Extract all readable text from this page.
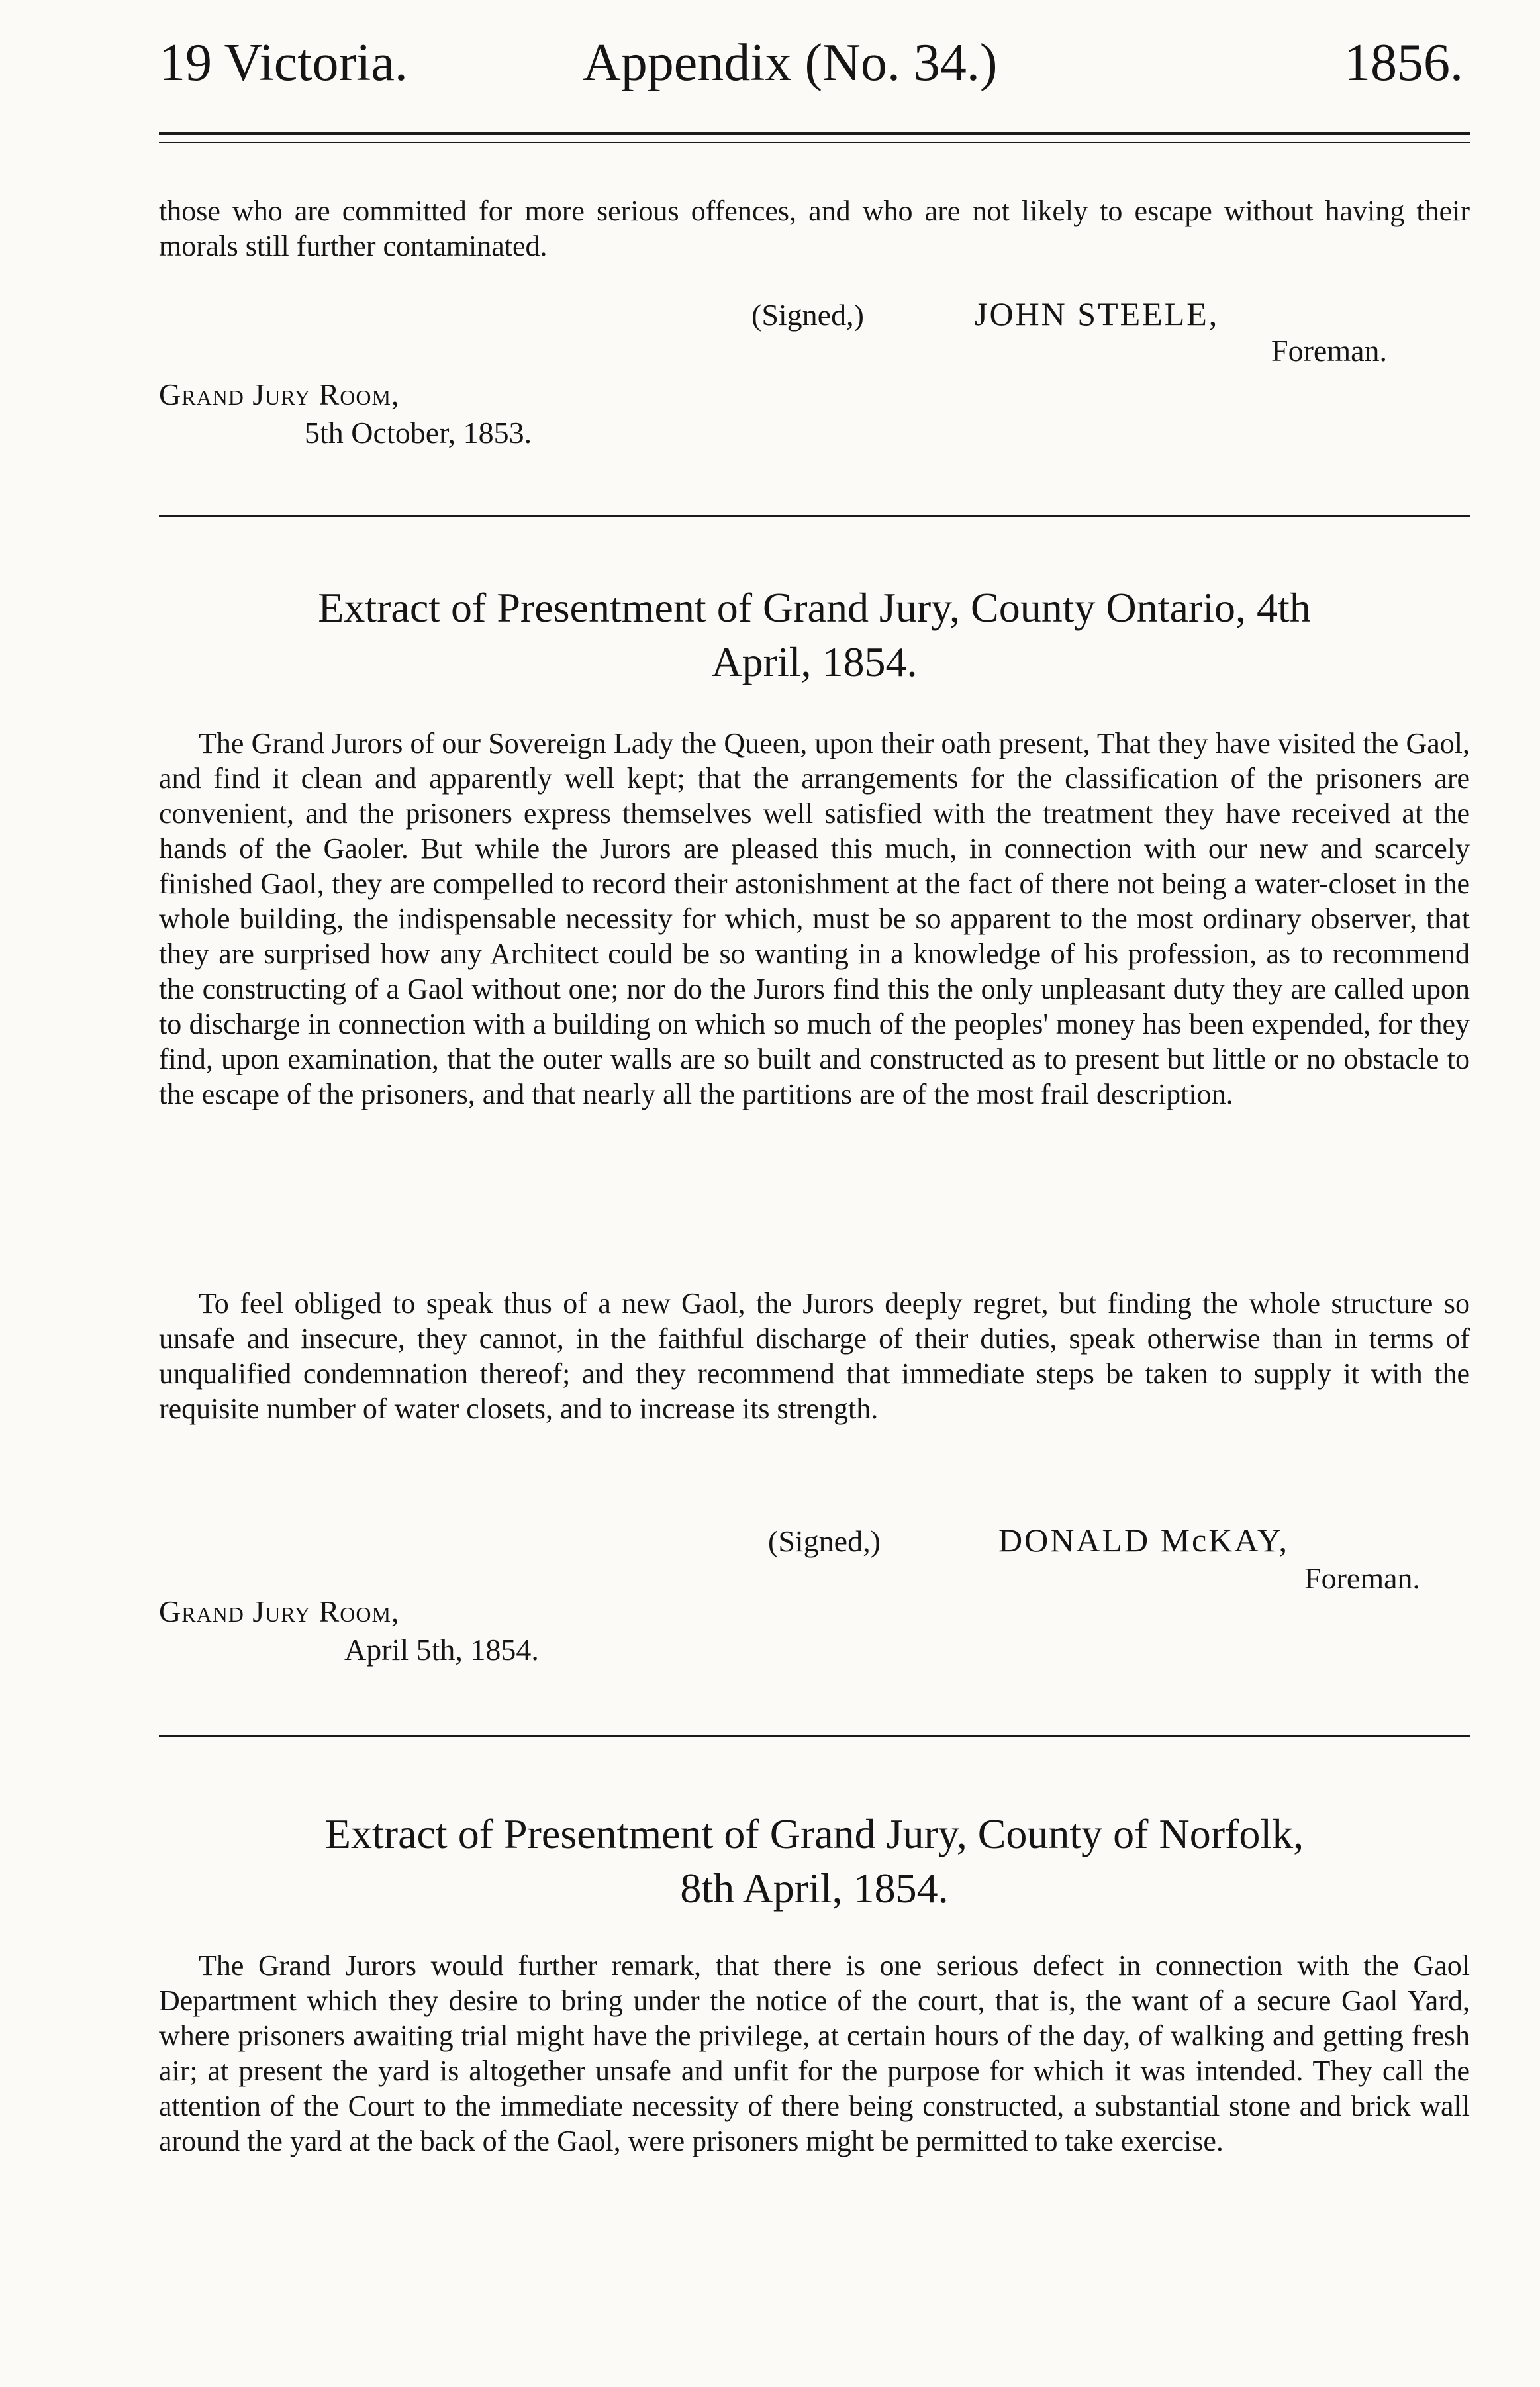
19 Victoria.	Appendix (No. 34.)	1856.
those who are committed for more serious offences, and who are not likely to escape without having their morals still further contaminated.
(Signed,)	JOHN STEELE,
Foreman.
Grand Jury Room,
5th October, 1853.
Extract of Presentment of Grand Jury, County Ontario, 4th
April, 1854.
The Grand Jurors of our Sovereign Lady the Queen, upon their oath present, That they have visited the Gaol, and find it clean and apparently well kept; that the arrangements for the classification of the prisoners are convenient, and the prisoners express themselves well satisfied with the treatment they have received at the hands of the Gaoler. But while the Jurors are pleased this much, in connection with our new and scarcely finished Gaol, they are compelled to record their astonishment at the fact of there not being a water-closet in the whole building, the indispensable necessity for which, must be so apparent to the most ordinary observer, that they are surprised how any Architect could be so wanting in a knowledge of his profession, as to recommend the constructing of a Gaol without one; nor do the Jurors find this the only unpleasant duty they are called upon to discharge in connection with a building on which so much of the peoples' money has been expended, for they find, upon examination, that the outer walls are so built and constructed as to present but little or no obstacle to the escape of the prisoners, and that nearly all the partitions are of the most frail description.
To feel obliged to speak thus of a new Gaol, the Jurors deeply regret, but finding the whole structure so unsafe and insecure, they cannot, in the faithful discharge of their duties, speak otherwise than in terms of unqualified condemnation thereof; and they recommend that immediate steps be taken to supply it with the requisite number of water closets, and to increase its strength.
(Signed,)	DONALD McKAY,
Foreman.
Grand Jury Room,
April 5th, 1854.
Extract of Presentment of Grand Jury, County of Norfolk,
8th April, 1854.
The Grand Jurors would further remark, that there is one serious defect in connection with the Gaol Department which they desire to bring under the notice of the court, that is, the want of a secure Gaol Yard, where prisoners awaiting trial might have the privilege, at certain hours of the day, of walking and getting fresh air; at present the yard is altogether unsafe and unfit for the purpose for which it was intended. They call the attention of the Court to the immediate necessity of there being constructed, a substantial stone and brick wall around the yard at the back of the Gaol, were prisoners might be permitted to take exercise.
